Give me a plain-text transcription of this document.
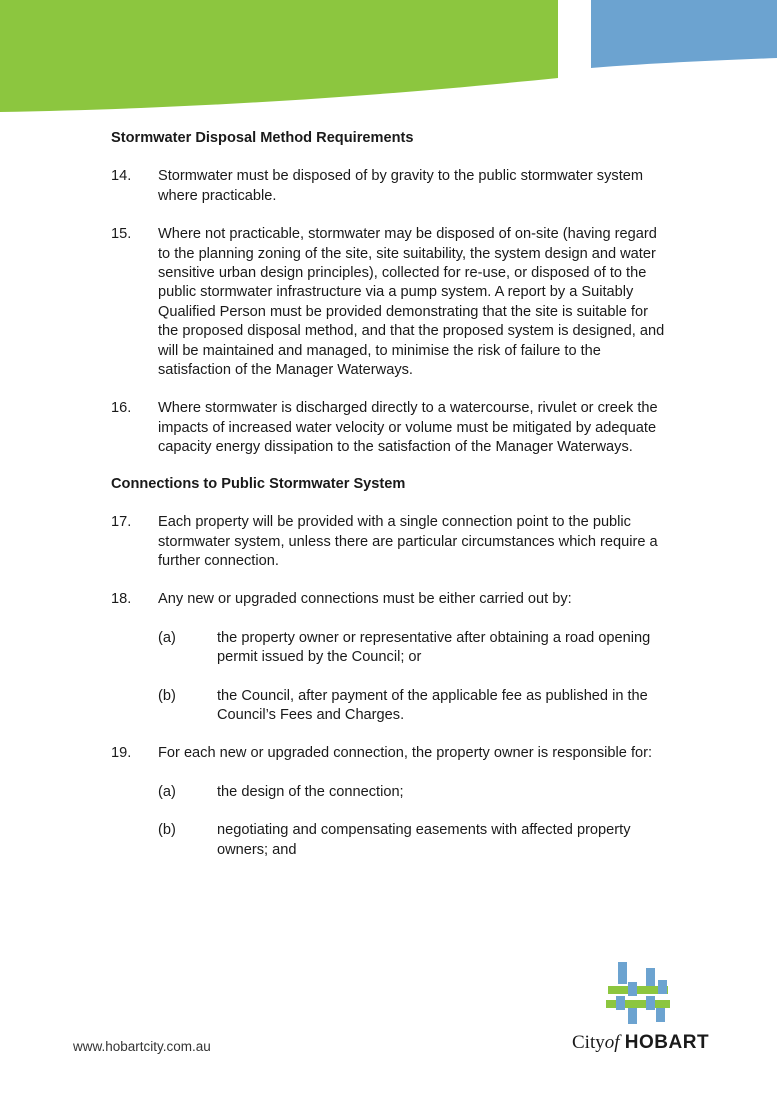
Stormwater Disposal Method Requirements

14. Stormwater must be disposed of by gravity to the public stormwater system where practicable.
15. Where not practicable, stormwater may be disposed of on-site (having regard to the planning zoning of the site, site suitability, the system design and water sensitive urban design principles), collected for re-use, or disposed of to the public stormwater infrastructure via a pump system. A report by a Suitably Qualified Person must be provided demonstrating that the site is suitable for the proposed disposal method, and that the proposed system is designed, and will be maintained and managed, to minimise the risk of failure to the satisfaction of the Manager Waterways.
16. Where stormwater is discharged directly to a watercourse, rivulet or creek the impacts of increased water velocity or volume must be mitigated by adequate capacity energy dissipation to the satisfaction of the Manager Waterways.

Connections to Public Stormwater System

17. Each property will be provided with a single connection point to the public stormwater system, unless there are particular circumstances which require a further connection.
18. Any new or upgraded connections must be either carried out by:
(a)	the property owner or representative after obtaining a road opening permit issued by the Council; or
(b)	the Council, after payment of the applicable fee as published in the Council’s Fees and Charges.
19. For each new or upgraded connection, the property owner is responsible for:
(a)	the design of the connection;
(b)	negotiating and compensating easements with affected property owners; and
www.hobartcity.com.au	Cityof HOBART
